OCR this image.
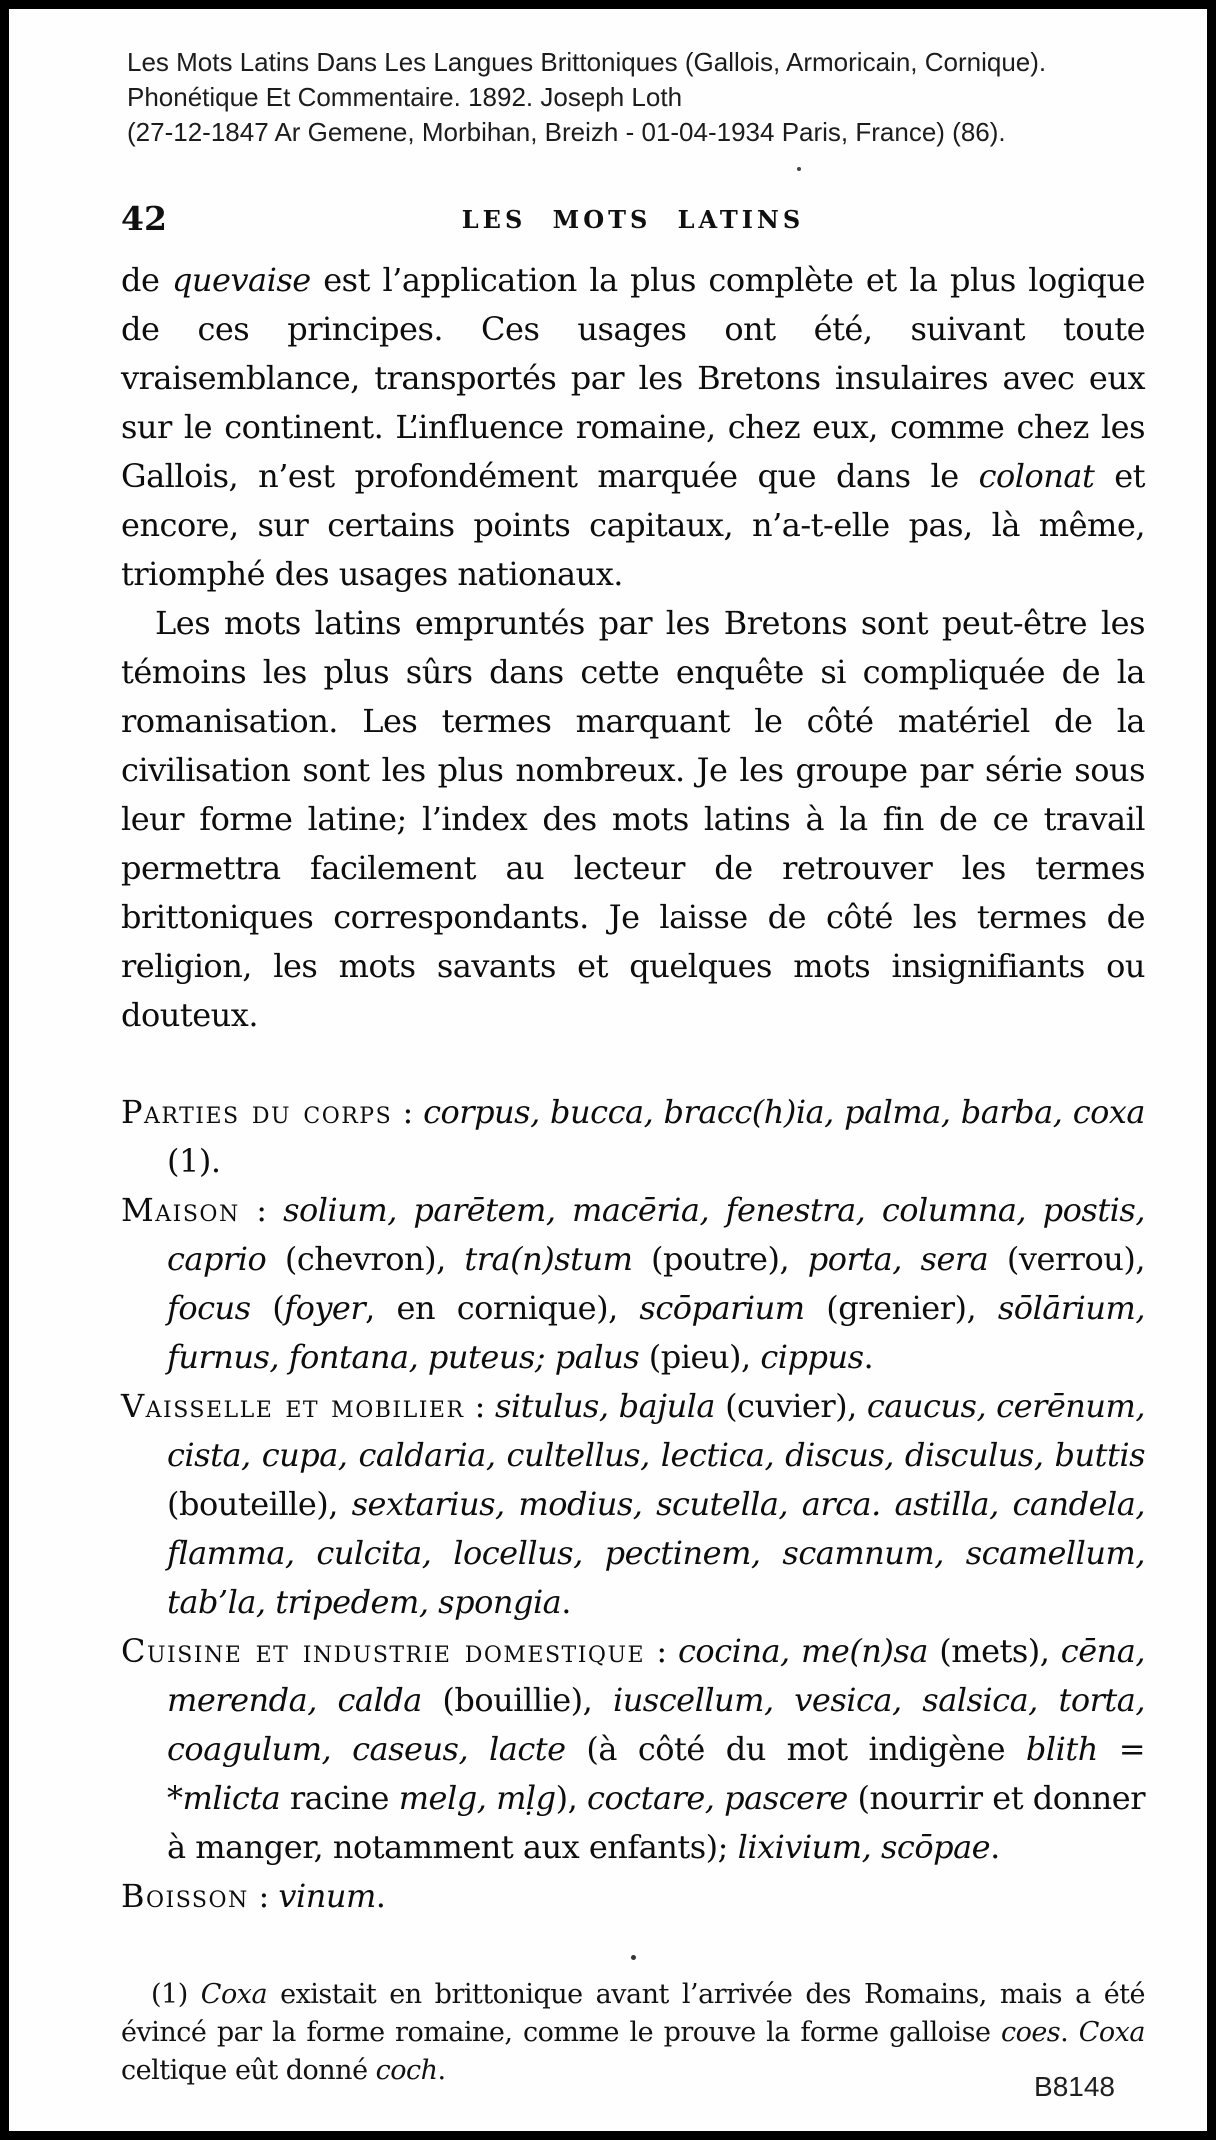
Les Mots Latins Dans Les Langues Brittoniques (Gallois, Armoricain, Cornique).
Phonétique Et Commentaire. 1892. Joseph Loth
(27-12-1847 Ar Gemene, Morbihan, Breizh - 01-04-1934 Paris, France) (86).
42	LES MOTS LATINS

de quevaise est l’application la plus complète et la plus logique de ces principes. Ces usages ont été, suivant toute vraisemblance, transportés par les Bretons insulaires avec eux sur le continent. L’influence romaine, chez eux, comme chez les Gallois, n’est profondément marquée que dans le colonat et encore, sur certains points capitaux, n’a-t-elle pas, là même, triomphé des usages nationaux.

Les mots latins empruntés par les Bretons sont peut-être les témoins les plus sûrs dans cette enquête si compliquée de la romanisation. Les termes marquant le côté matériel de la civilisation sont les plus nombreux. Je les groupe par série sous leur forme latine; l’index des mots latins à la fin de ce travail permettra facilement au lecteur de retrouver les termes brittoniques correspondants. Je laisse de côté les termes de religion, les mots savants et quelques mots insignifiants ou douteux.

Parties du corps : corpus, bucca, bracc(h)ia, palma, barba, coxa (1).

Maison : solium, parētem, macēria, fenestra, columna, postis, caprio (chevron), tra(n)stum (poutre), porta, sera (verrou), focus (foyer, en cornique), scōparium (grenier), sōlārium, furnus, fontana, puteus; palus (pieu), cippus.

Vaisselle et mobilier : situlus, bajula (cuvier), caucus, cerēnum, cista, cupa, caldaria, cultellus, lectica, discus, disculus, buttis (bouteille), sextarius, modius, scutella, arca. astilla, candela, flamma, culcita, locellus, pectinem, scamnum, scamellum, tab’la, tripedem, spongia.

Cuisine et industrie domestique : cocina, me(n)sa (mets), cēna, merenda, calda (bouillie), iuscellum, vesica, salsica, torta, coagulum, caseus, lacte (à côté du mot indigène blith = *mlicta racine melg, mḷg), coctare, pascere (nourrir et donner à manger, notamment aux enfants); lixivium, scōpae.

Boisson : vinum.

(1) Coxa existait en brittonique avant l’arrivée des Romains, mais a été évincé par la forme romaine, comme le prouve la forme galloise coes. Coxa celtique eût donné coch.
B8148
